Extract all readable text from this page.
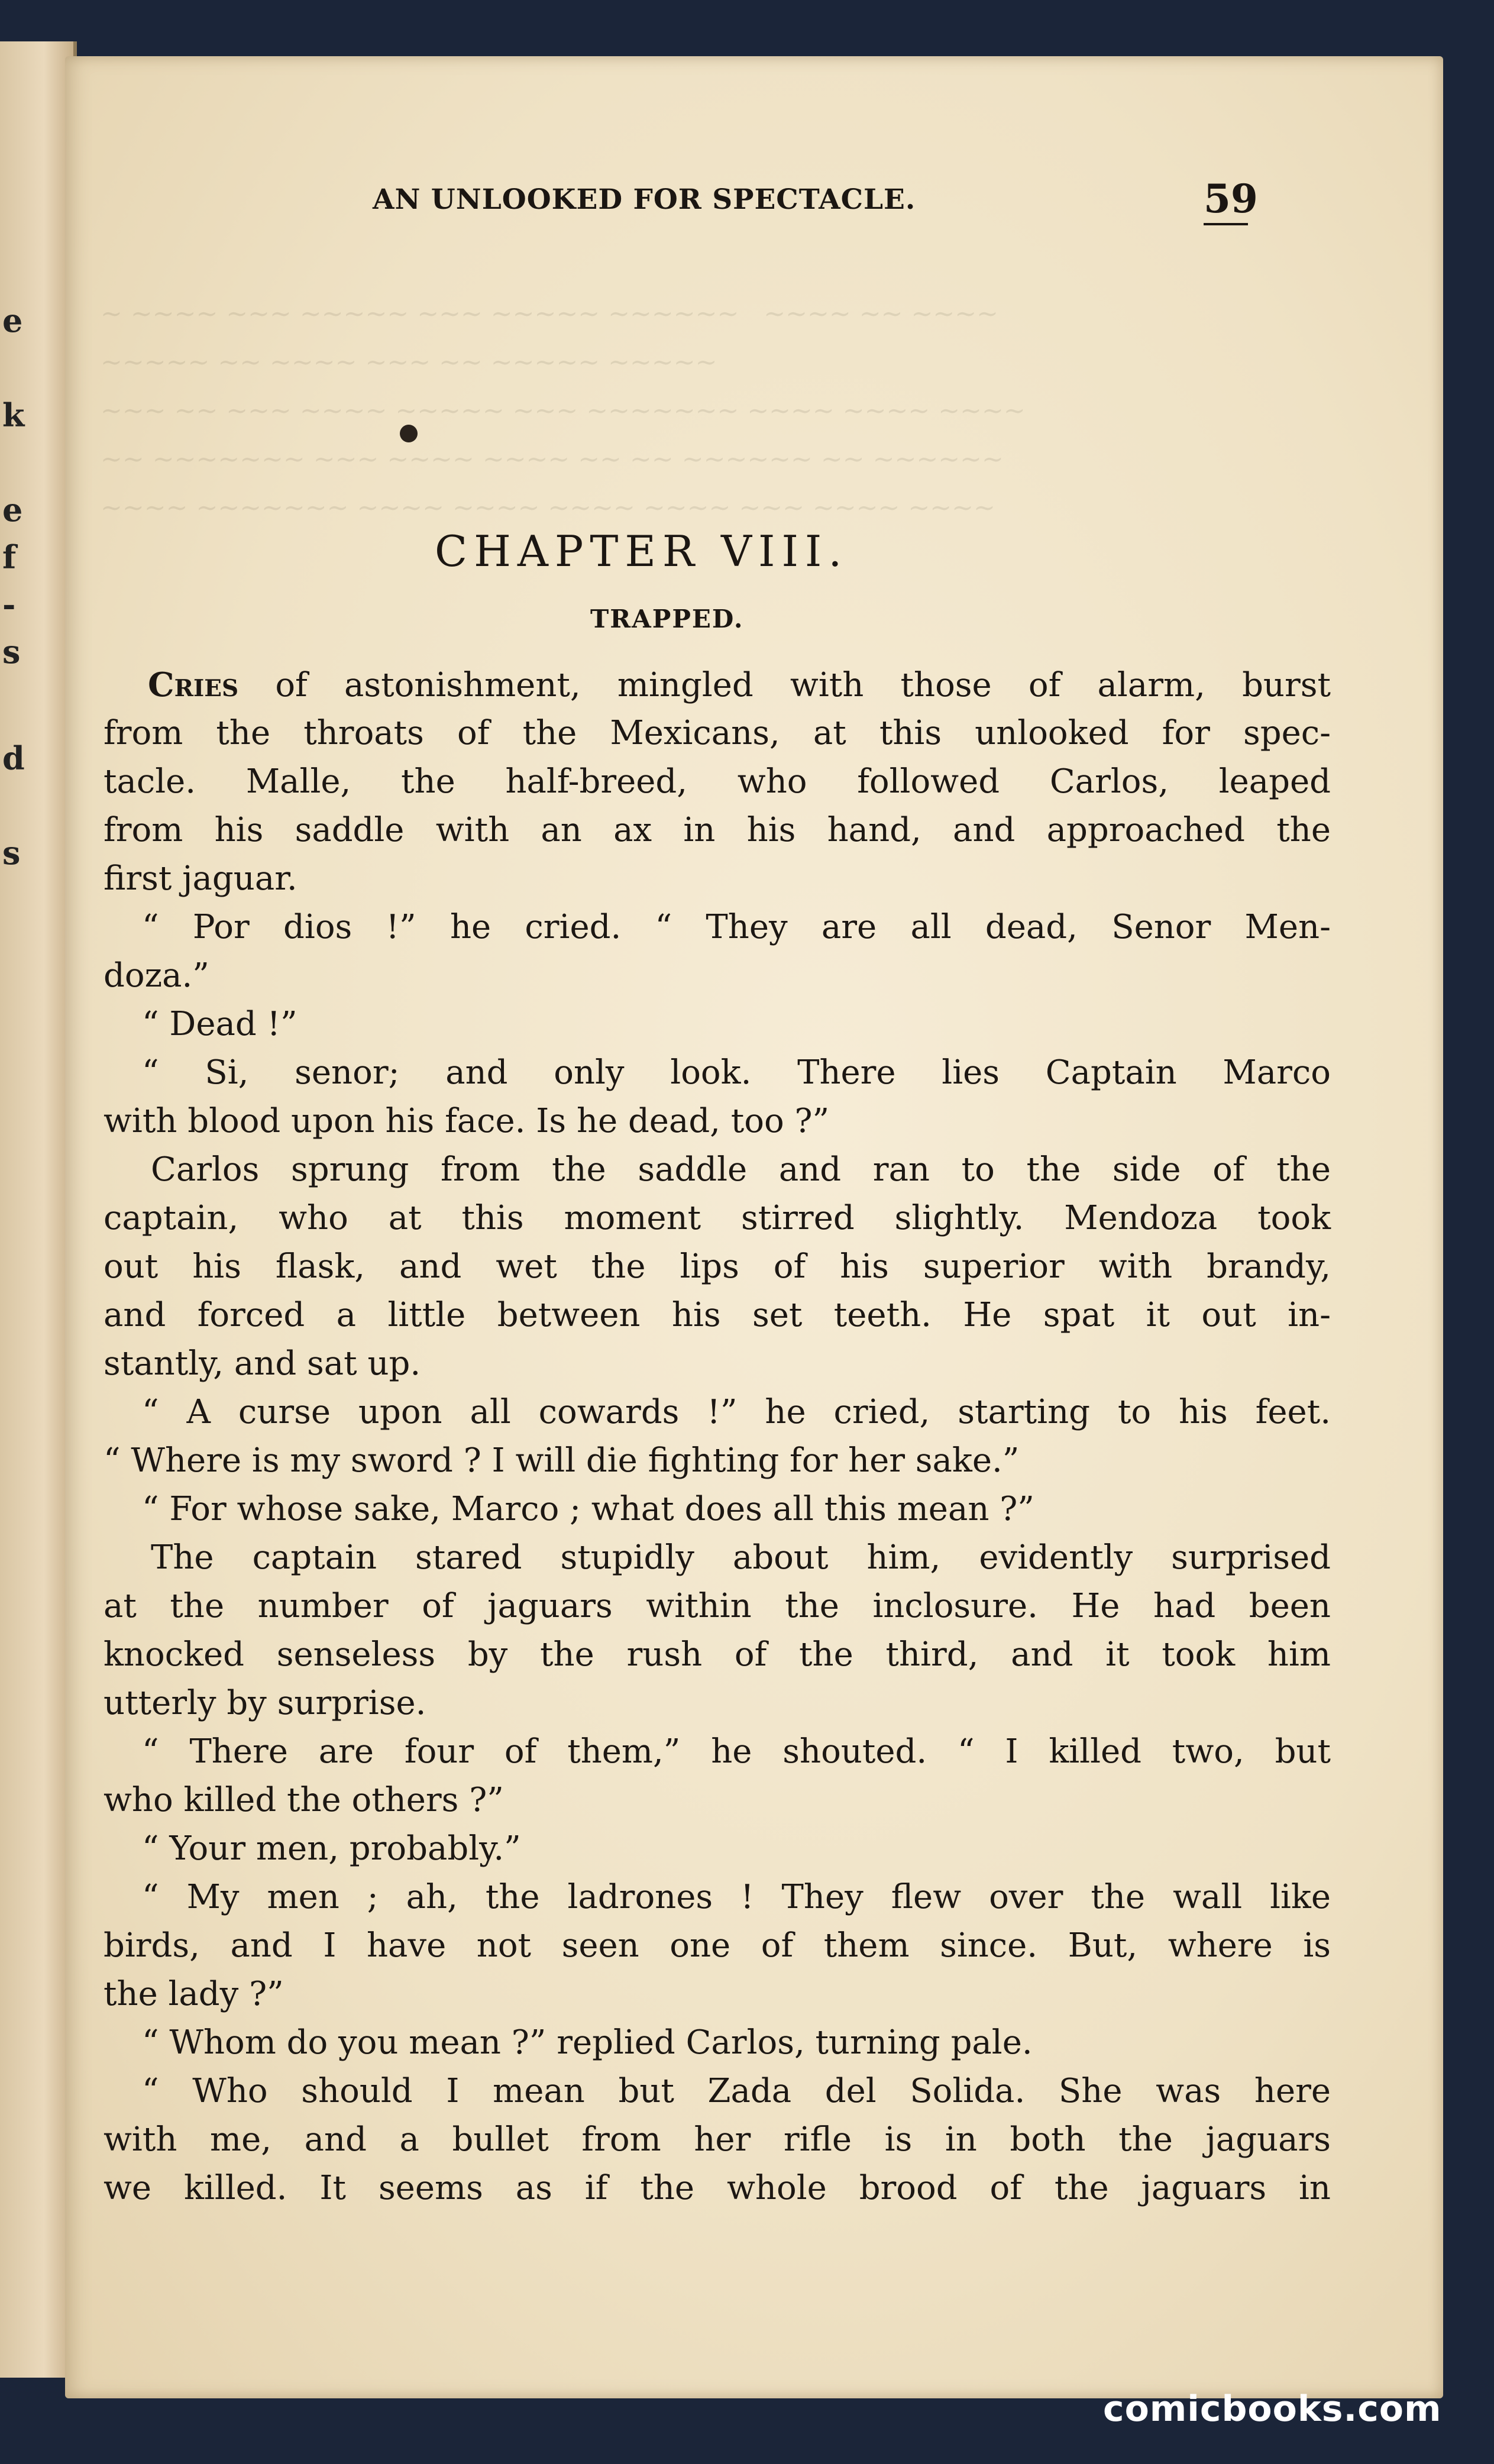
e
k
e
f
-
s
d
s
AN UNLOOKED FOR SPECTACLE.	59
CHAPTER VIII.
TRAPPED.
Cries of astonishment, mingled with those of alarm, burst
from the throats of the Mexicans, at this unlooked for spec-
tacle. Malle, the half-breed, who followed Carlos, leaped
from his saddle with an ax in his hand, and approached the
first jaguar.
“ Por dios !” he cried. “ They are all dead, Senor Men-
doza.”
“ Dead !”
“ Si, senor; and only look. There lies Captain Marco
with blood upon his face. Is he dead, too ?”
Carlos sprung from the saddle and ran to the side of the
captain, who at this moment stirred slightly. Mendoza took
out his flask, and wet the lips of his superior with brandy,
and forced a little between his set teeth. He spat it out in-
stantly, and sat up.
“ A curse upon all cowards !” he cried, starting to his feet.
“ Where is my sword ? I will die fighting for her sake.”
“ For whose sake, Marco ; what does all this mean ?”
The captain stared stupidly about him, evidently surprised
at the number of jaguars within the inclosure. He had been
knocked senseless by the rush of the third, and it took him
utterly by surprise.
“ There are four of them,” he shouted. “ I killed two, but
who killed the others ?”
“ Your men, probably.”
“ My men ; ah, the ladrones ! They flew over the wall like
birds, and I have not seen one of them since. But, where is
the lady ?”
“ Whom do you mean ?” replied Carlos, turning pale.
“ Who should I mean but Zada del Solida. She was here
with me, and a bullet from her rifle is in both the jaguars
we killed. It seems as if the whole brood of the jaguars in
comicbooks.com
